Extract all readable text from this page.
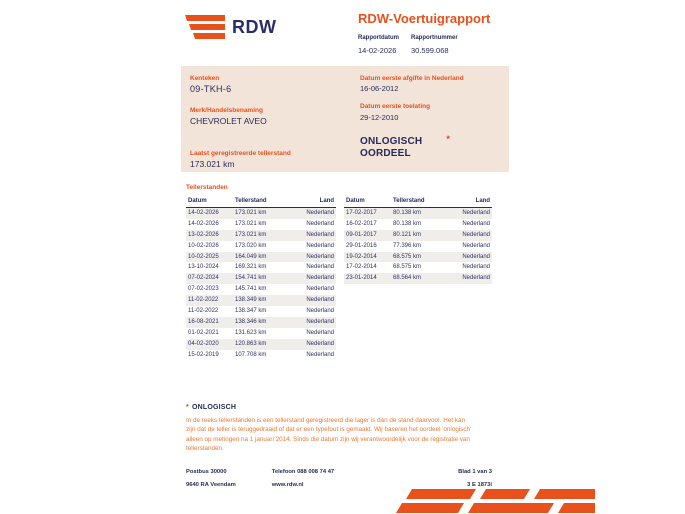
RDW	RDW-Voertuigrapport
Rapportdatum
14-02-2026
Rapportnummer
30.599.068
Kenteken
09-TKH-6
Merk/Handelsbenaming
CHEVROLET AVEO
Laatst geregistreerde tellerstand
173.021 km
Datum eerste afgifte in Nederland
16-06-2012
Datum eerste toelating
29-12-2010
ONLOGISCH	*
OORDEEL
Tellerstanden
Datum	Tellerstand	Land
14-02-2026	173.021 km	Nederland
14-02-2026	173.021 km	Nederland
13-02-2026	173.021 km	Nederland
10-02-2026	173.020 km	Nederland
10-02-2025	164.049 km	Nederland
13-10-2024	169.321 km	Nederland
07-02-2024	154.741 km	Nederland
07-02-2023	145.741 km	Nederland
11-02-2022	138.349 km	Nederland
11-02-2022	138.347 km	Nederland
16-08-2021	138.346 km	Nederland
01-02-2021	131.623 km	Nederland
04-02-2020	120.863 km	Nederland
15-02-2019	107.708 km	Nederland
Datum	Tellerstand	Land
17-02-2017	80.138 km	Nederland
16-02-2017	80.138 km	Nederland
09-01-2017	80.121 km	Nederland
29-01-2016	77.396 km	Nederland
19-02-2014	68.575 km	Nederland
17-02-2014	68.575 km	Nederland
23-01-2014	68.564 km	Nederland
* ONLOGISCH
In de reeks tellerstanden is een tellerstand geregistreerd die lager is dan de stand daarvoor. Het kan zijn dat de teller is teruggedraaid of dat er een typefout is gemaakt. Wij baseren het oordeel 'onlogisch' alleen op metingen na 1 januari 2014. Sinds die datum zijn wij verantwoordelijk voor de registratie van tellerstanden.
Postbus 30000
9640 RA Veendam
Telefoon 088 008 74 47
www.rdw.nl
Blad 1 van 3
3 E 1873i
